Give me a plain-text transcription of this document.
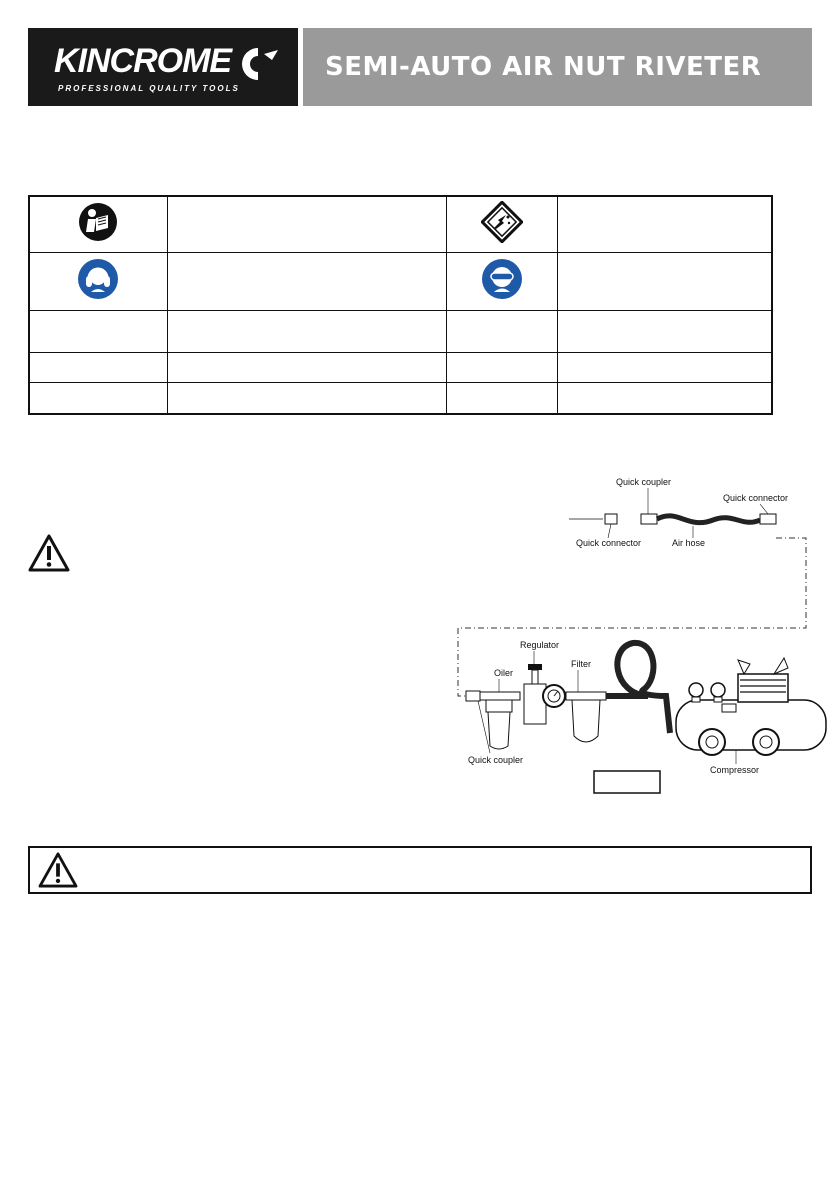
KINCROME
PROFESSIONAL QUALITY TOOLS
SEMI-AUTO AIR NUT RIVETER

Quick coupler
Quick connector
Quick connector	Air hose
Regulator
Oiler
Filter
Quick coupler
Compressor
